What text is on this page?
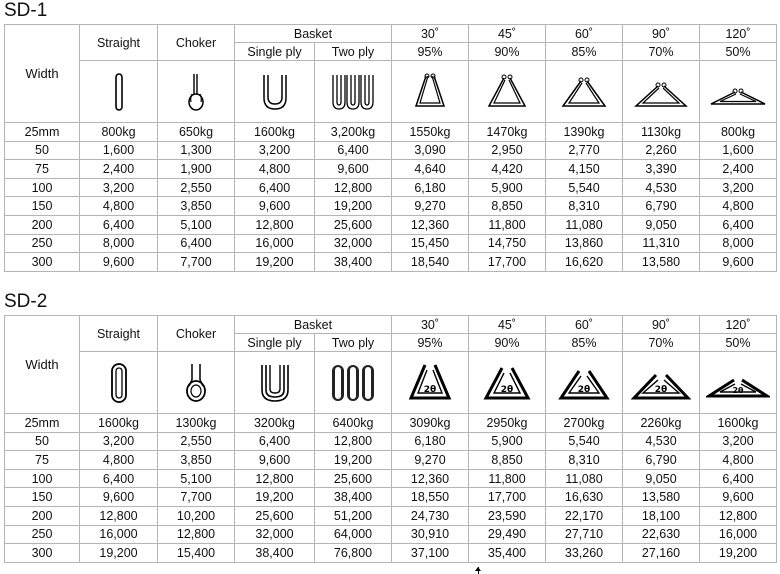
SD-1
Width	Straight	Choker	Basket		30˚	45˚	60˚	90˚	120˚
			Single ply	Two ply	95%	90%	85%	70%	50%

25mm	800kg	650kg	1600kg	3,200kg	1550kg	1470kg	1390kg	1130kg	800kg
50	1,600	1,300	3,200	6,400	3,090	2,950	2,770	2,260	1,600
75	2,400	1,900	4,800	9,600	4,640	4,420	4,150	3,390	2,400
100	3,200	2,550	6,400	12,800	6,180	5,900	5,540	4,530	3,200
150	4,800	3,850	9,600	19,200	9,270	8,850	8,310	6,790	4,800
200	6,400	5,100	12,800	25,600	12,360	11,800	11,080	9,050	6,400
250	8,000	6,400	16,000	32,000	15,450	14,750	13,860	11,310	8,000
300	9,600	7,700	19,200	38,400	18,540	17,700	16,620	13,580	9,600
SD-2
Width	Straight	Choker	Basket		30˚	45˚	60˚	90˚	120˚
			Single ply	Two ply	95%	90%	85%	70%	50%

2θ	2θ	2θ	2θ	2θ

25mm	1600kg	1300kg	3200kg	6400kg	3090kg	2950kg	2700kg	2260kg	1600kg
50	3,200	2,550	6,400	12,800	6,180	5,900	5,540	4,530	3,200
75	4,800	3,850	9,600	19,200	9,270	8,850	8,310	6,790	4,800
100	6,400	5,100	12,800	25,600	12,360	11,800	11,080	9,050	6,400
150	9,600	7,700	19,200	38,400	18,550	17,700	16,630	13,580	9,600
200	12,800	10,200	25,600	51,200	24,730	23,590	22,170	18,100	12,800
250	16,000	12,800	32,000	64,000	30,910	29,490	27,710	22,630	16,000
300	19,200	15,400	38,400	76,800	37,100	35,400	33,260	27,160	19,200
